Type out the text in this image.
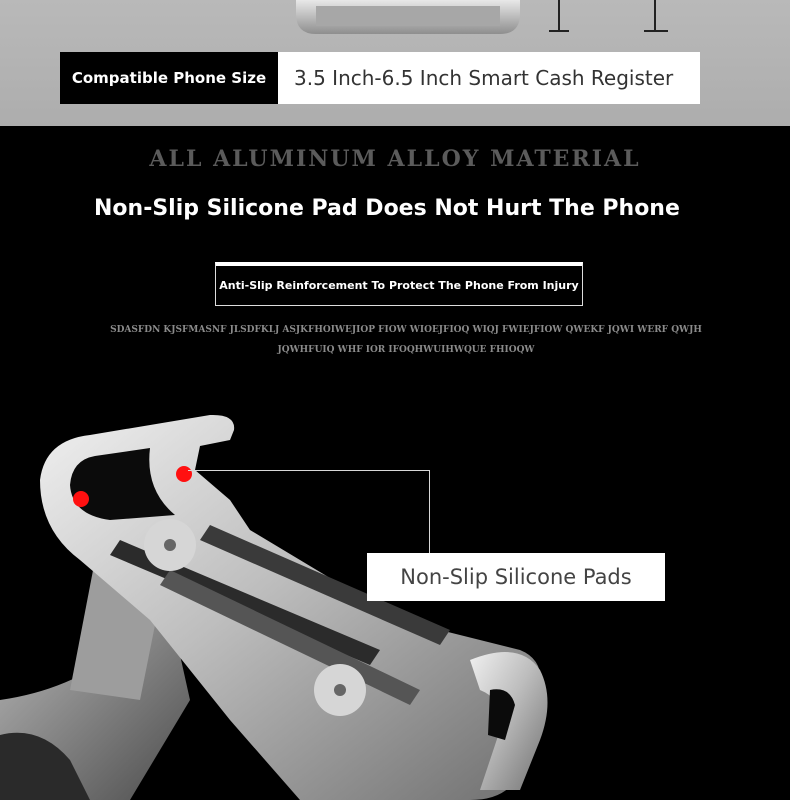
Compatible Phone Size	3.5 Inch-6.5 Inch Smart Cash Register
ALL ALUMINUM ALLOY MATERIAL
Non-Slip Silicone Pad Does Not Hurt The Phone
Anti-Slip Reinforcement To Protect The Phone From Injury
SDASFDN KJSFMASNF JLSDFKLJ ASJKFHOIWEJIOP FIOW WIOEJFIOQ WIQJ FWIEJFIOW QWEKF JQWI WERF QWJH JQWHFUIQ WHF IOR IFOQHWUIHWQUE FHIOQW
Non-Slip Silicone Pads
